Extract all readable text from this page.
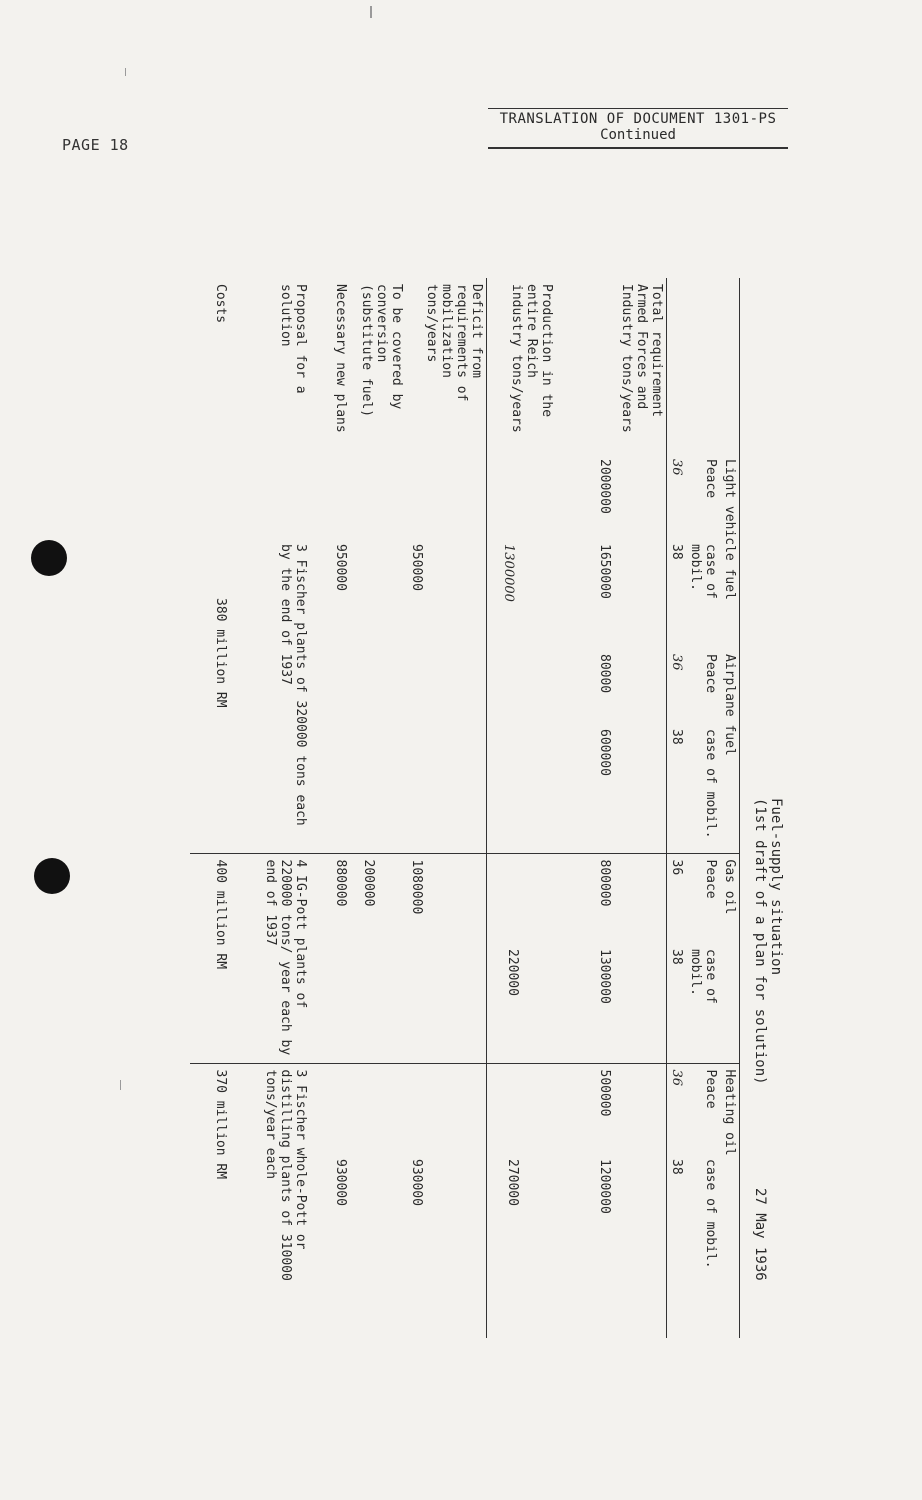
PAGE 18
TRANSLATION OF DOCUMENT 1301-PS
Continued
Fuel-supply situation
(1st draft of a plan for solution)
27 May 1936
	Light vehicle fuel		Airplane fuel		Gas oil		Heating oil	
	Peace	case of mobil.	Peace	case of mobil.	Peace	case of mobil.	Peace	case of mobil.
	36	38	36	38	36	38	36	38
Total requirement Armed Forces and Industry tons/years	2000000	1650000	80000	600000	800000	1300000	500000	1200000
Production in the entire Reich industry tons/years		1300000				220000		270000
Deficit from requirements of mobilization tons/years		950000			1080000			930000
To be covered by conversion (substitute fuel)					200000			
Necessary new plans		950000			880000			930000
Proposal for a solution		3 Fischer plants of 320000 tons each by the end of 1937			4 IG-Pott plants of 220000 tons/ year each by end of 1937		3 Fischer whole-Pott or distilling plants of 310000 tons/year each	
Costs		380 million RM			400 million RM		370 million RM	
